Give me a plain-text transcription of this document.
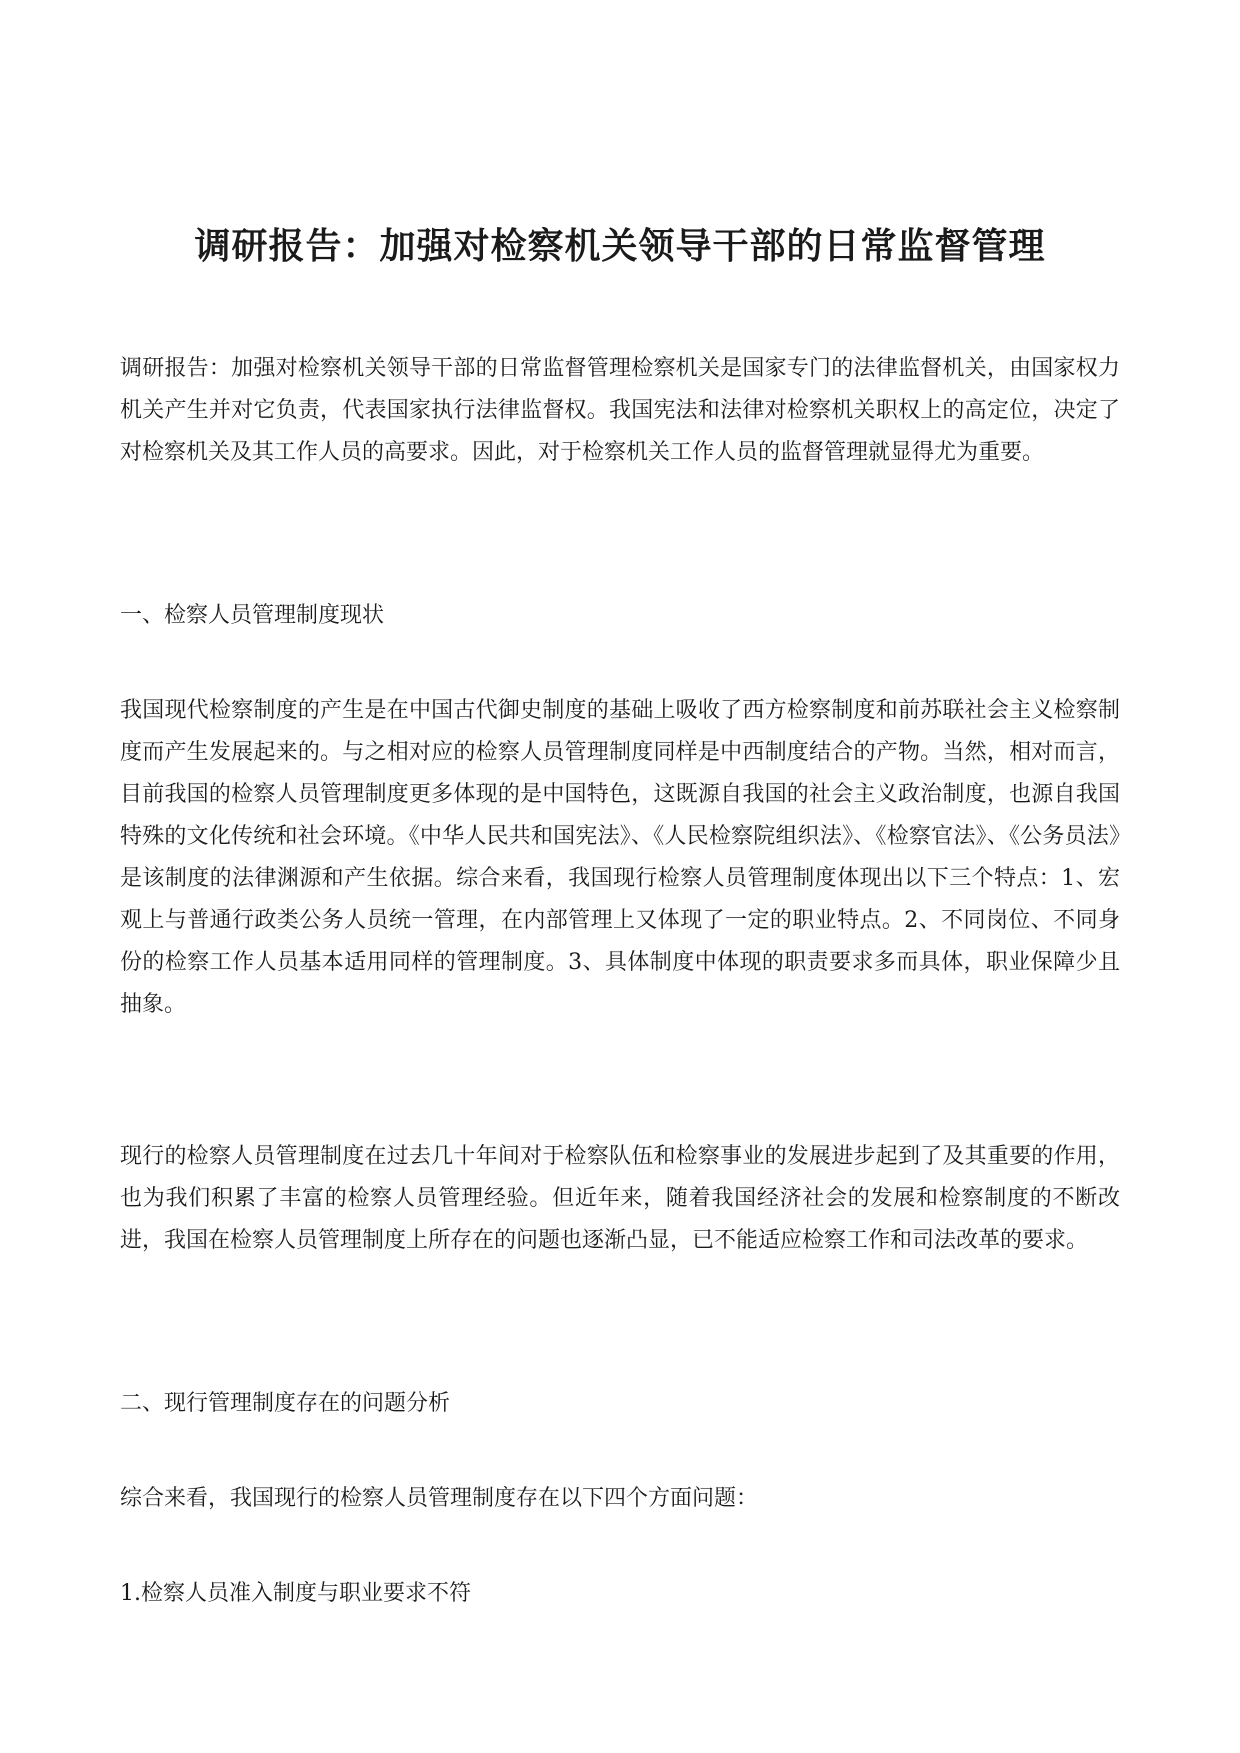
调研报告：加强对检察机关领导干部的日常监督管理
调研报告：加强对检察机关领导干部的日常监督管理检察机关是国家专门的法律监督机关，由国家权力机关产生并对它负责，代表国家执行法律监督权。我国宪法和法律对检察机关职权上的高定位，决定了对检察机关及其工作人员的高要求。因此，对于检察机关工作人员的监督管理就显得尤为重要。
一、检察人员管理制度现状
我国现代检察制度的产生是在中国古代御史制度的基础上吸收了西方检察制度和前苏联社会主义检察制度而产生发展起来的。与之相对应的检察人员管理制度同样是中西制度结合的产物。当然，相对而言，目前我国的检察人员管理制度更多体现的是中国特色，这既源自我国的社会主义政治制度，也源自我国特殊的文化传统和社会环境。《中华人民共和国宪法》、《人民检察院组织法》、《检察官法》、《公务员法》是该制度的法律渊源和产生依据。综合来看，我国现行检察人员管理制度体现出以下三个特点：1、宏观上与普通行政类公务人员统一管理，在内部管理上又体现了一定的职业特点。2、不同岗位、不同身份的检察工作人员基本适用同样的管理制度。3、具体制度中体现的职责要求多而具体，职业保障少且抽象。
现行的检察人员管理制度在过去几十年间对于检察队伍和检察事业的发展进步起到了及其重要的作用，也为我们积累了丰富的检察人员管理经验。但近年来，随着我国经济社会的发展和检察制度的不断改进，我国在检察人员管理制度上所存在的问题也逐渐凸显，已不能适应检察工作和司法改革的要求。
二、现行管理制度存在的问题分析
综合来看，我国现行的检察人员管理制度存在以下四个方面问题：
1.检察人员准入制度与职业要求不符
